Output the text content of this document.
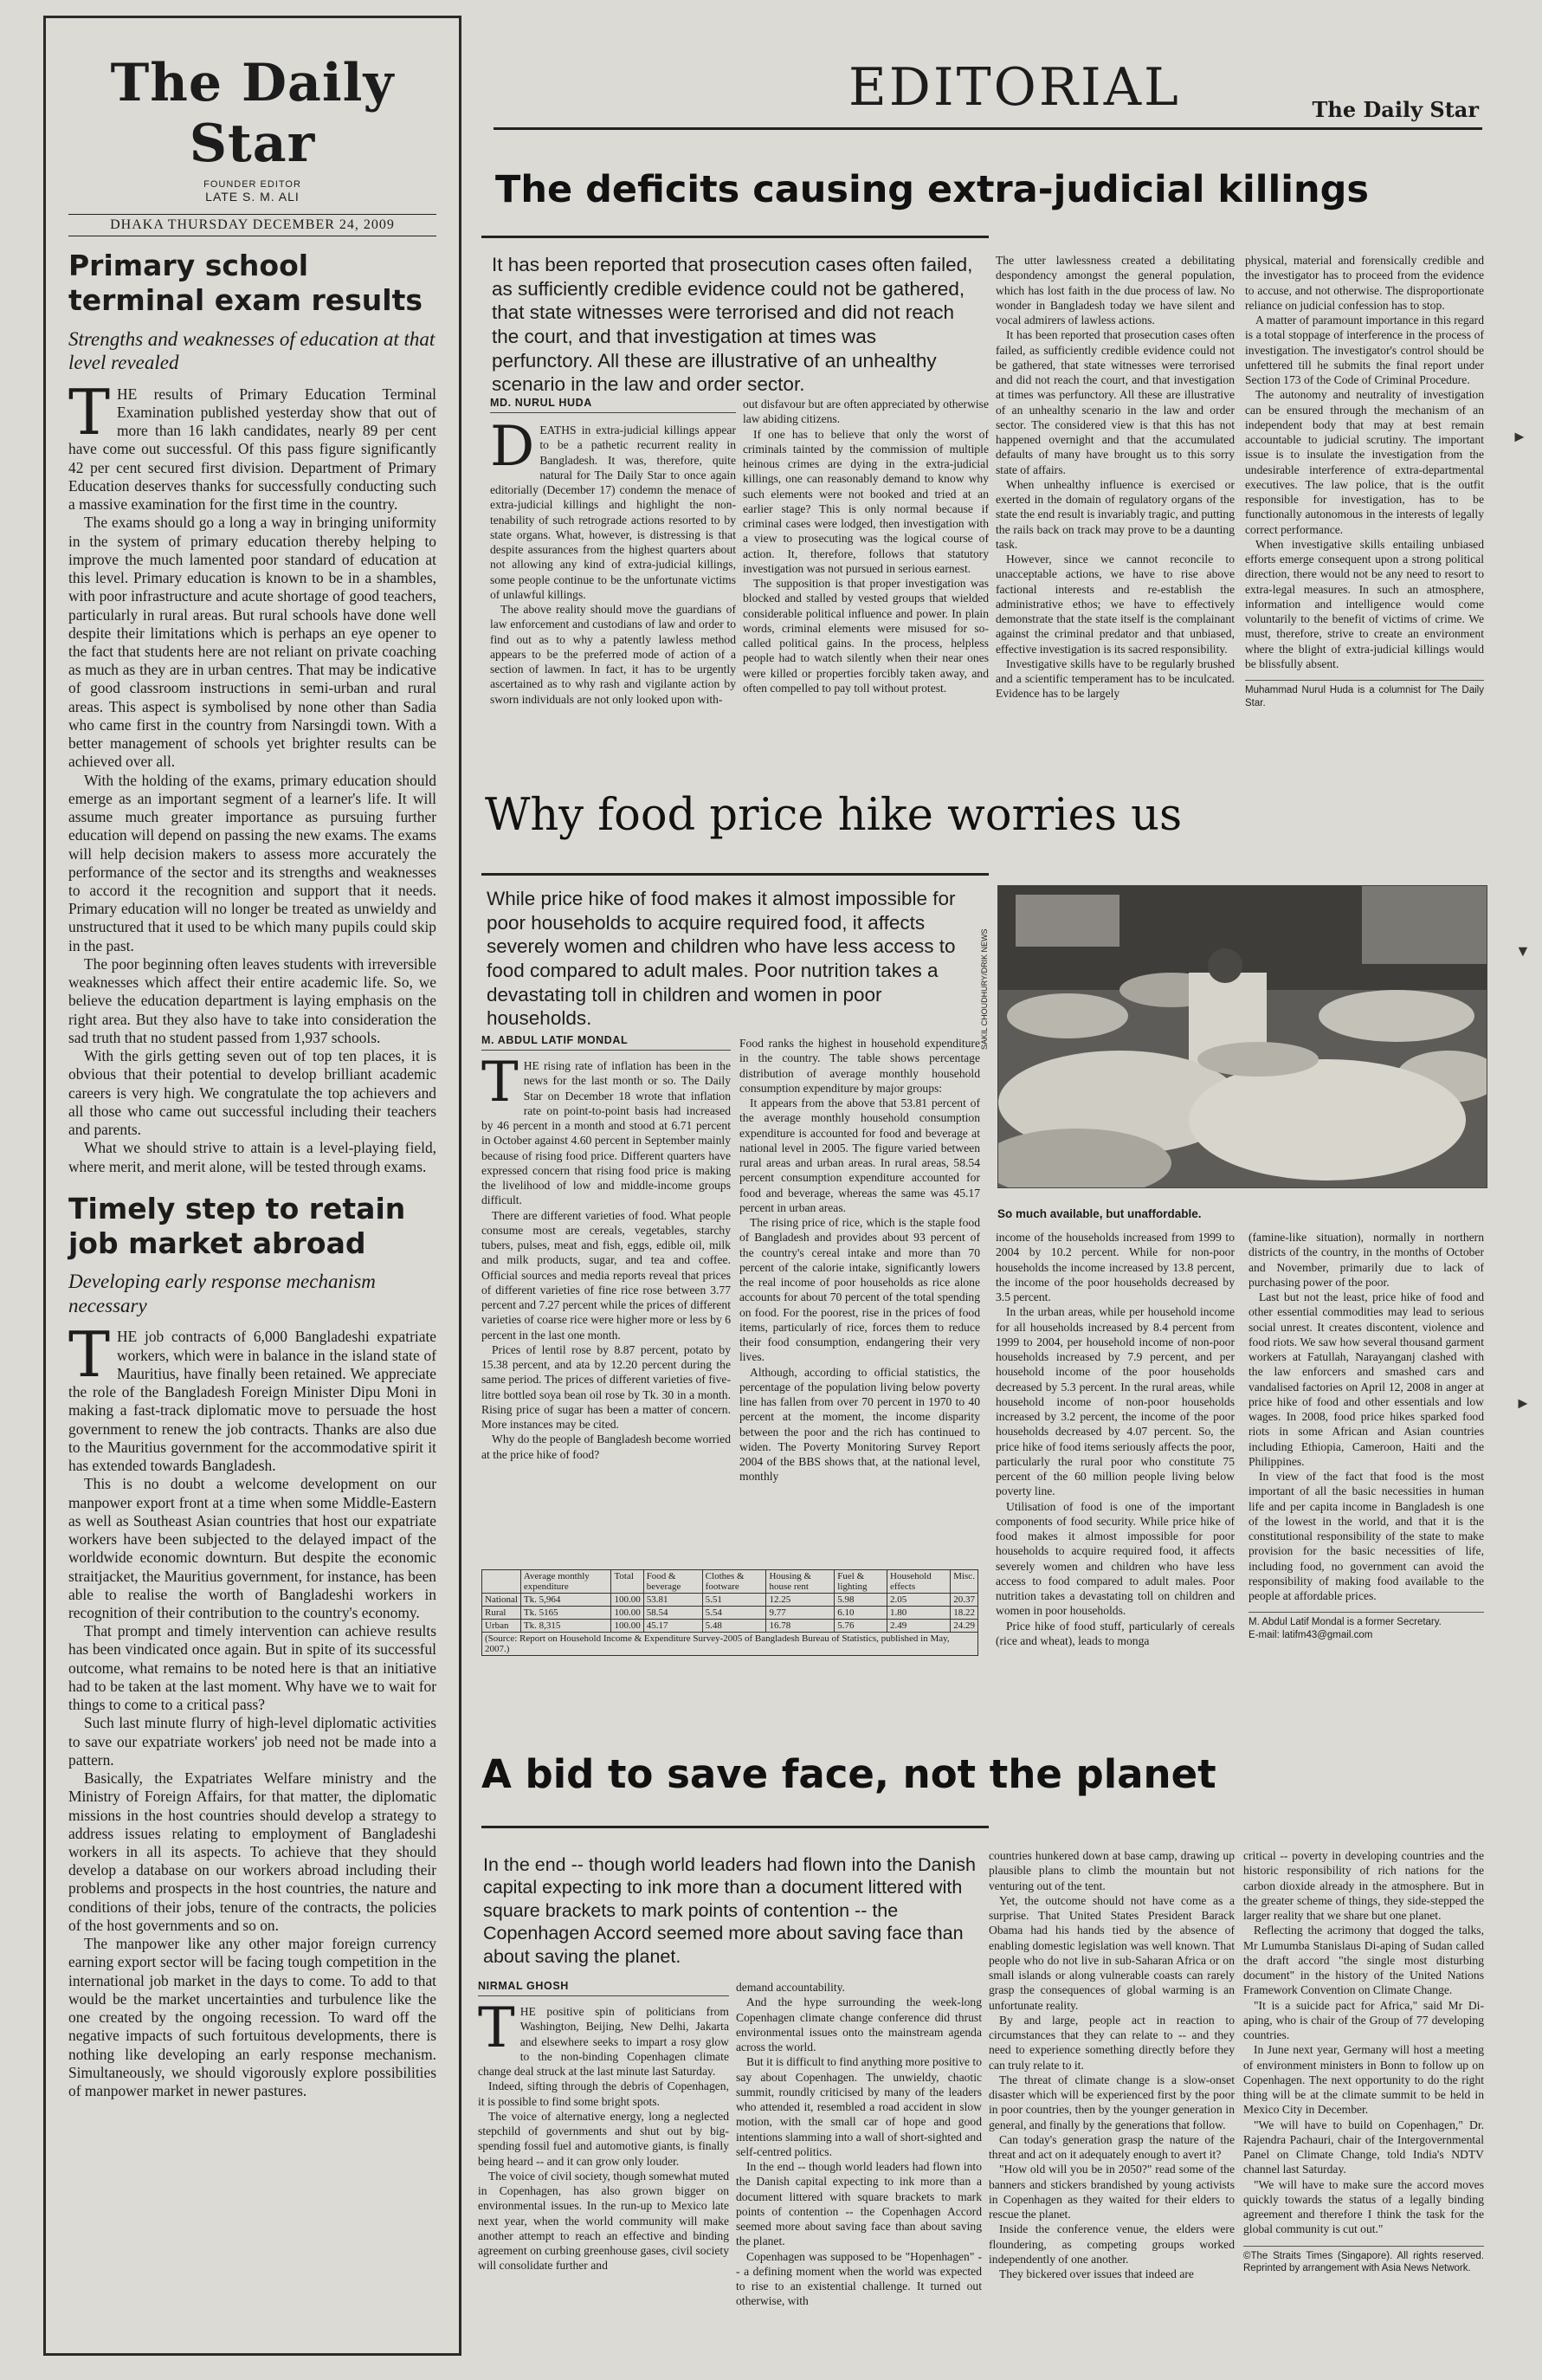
The Daily Star
FOUNDER EDITOR
LATE S. M. ALI
DHAKA THURSDAY DECEMBER 24, 2009
Primary school terminal exam results
Strengths and weaknesses of education at that level revealed

THE results of Primary Education Terminal Examination published yesterday show that out of more than 16 lakh candidates, nearly 89 per cent have come out successful. Of this pass figure significantly 42 per cent secured first division. Department of Primary Education deserves thanks for successfully conducting such a massive examination for the first time in the country.

The exams should go a long a way in bringing uniformity in the system of primary education thereby helping to improve the much lamented poor standard of education at this level. Primary education is known to be in a shambles, with poor infrastructure and acute shortage of good teachers, particularly in rural areas. But rural schools have done well despite their limitations which is perhaps an eye opener to the fact that students here are not reliant on private coaching as much as they are in urban centres. That may be indicative of good classroom instructions in semi-urban and rural areas. This aspect is symbolised by none other than Sadia who came first in the country from Narsingdi town. With a better management of schools yet brighter results can be achieved over all.

With the holding of the exams, primary education should emerge as an important segment of a learner's life. It will assume much greater importance as pursuing further education will depend on passing the new exams. The exams will help decision makers to assess more accurately the performance of the sector and its strengths and weaknesses to accord it the recognition and support that it needs. Primary education will no longer be treated as unwieldy and unstructured that it used to be which many pupils could skip in the past.

The poor beginning often leaves students with irreversible weaknesses which affect their entire academic life. So, we believe the education department is laying emphasis on the right area. But they also have to take into consideration the sad truth that no student passed from 1,937 schools.

With the girls getting seven out of top ten places, it is obvious that their potential to develop brilliant academic careers is very high. We congratulate the top achievers and all those who came out successful including their teachers and parents.

What we should strive to attain is a level-playing field, where merit, and merit alone, will be tested through exams.

Timely step to retain job market abroad
Developing early response mechanism necessary

THE job contracts of 6,000 Bangladeshi expatriate workers, which were in balance in the island state of Mauritius, have finally been retained. We appreciate the role of the Bangladesh Foreign Minister Dipu Moni in making a fast-track diplomatic move to persuade the host government to renew the job contracts. Thanks are also due to the Mauritius government for the accommodative spirit it has extended towards Bangladesh.

This is no doubt a welcome development on our manpower export front at a time when some Middle-Eastern as well as Southeast Asian countries that host our expatriate workers have been subjected to the delayed impact of the worldwide economic downturn. But despite the economic straitjacket, the Mauritius government, for instance, has been able to realise the worth of Bangladeshi workers in recognition of their contribution to the country's economy.

That prompt and timely intervention can achieve results has been vindicated once again. But in spite of its successful outcome, what remains to be noted here is that an initiative had to be taken at the last moment. Why have we to wait for things to come to a critical pass?

Such last minute flurry of high-level diplomatic activities to save our expatriate workers' job need not be made into a pattern.

Basically, the Expatriates Welfare ministry and the Ministry of Foreign Affairs, for that matter, the diplomatic missions in the host countries should develop a strategy to address issues relating to employment of Bangladeshi workers in all its aspects. To achieve that they should develop a database on our workers abroad including their problems and prospects in the host countries, the nature and conditions of their jobs, tenure of the contracts, the policies of the host governments and so on.

The manpower like any other major foreign currency earning export sector will be facing tough competition in the international job market in the days to come. To add to that would be the market uncertainties and turbulence like the one created by the ongoing recession. To ward off the negative impacts of such fortuitous developments, there is nothing like developing an early response mechanism. Simultaneously, we should vigorously explore possibilities of manpower market in newer pastures.

EDITORIAL	The Daily Star
The deficits causing extra-judicial killings
It has been reported that prosecution cases often failed, as sufficiently credible evidence could not be gathered, that state witnesses were terrorised and did not reach the court, and that investigation at times was perfunctory. All these are illustrative of an unhealthy scenario in the law and order sector.
MD. NURUL HUDA

DEATHS in extra-judicial killings appear to be a pathetic recurrent reality in Bangladesh. It was, therefore, quite natural for The Daily Star to once again editorially (December 17) condemn the menace of extra-judicial killings and highlight the non-tenability of such retrograde actions resorted to by state organs. What, however, is distressing is that despite assurances from the highest quarters about not allowing any kind of extra-judicial killings, some people continue to be the unfortunate victims of unlawful killings.

The above reality should move the guardians of law enforcement and custodians of law and order to find out as to why a patently lawless method appears to be the preferred mode of action of a section of lawmen. In fact, it has to be urgently ascertained as to why rash and vigilante action by sworn individuals are not only looked upon with-

out disfavour but are often appreciated by otherwise law abiding citizens.

If one has to believe that only the worst of criminals tainted by the commission of multiple heinous crimes are dying in the extra-judicial killings, one can reasonably demand to know why such elements were not booked and tried at an earlier stage? This is only normal because if criminal cases were lodged, then investigation with a view to prosecuting was the logical course of action. It, therefore, follows that statutory investigation was not pursued in serious earnest.

The supposition is that proper investigation was blocked and stalled by vested groups that wielded considerable political influence and power. In plain words, criminal elements were misused for so-called political gains. In the process, helpless people had to watch silently when their near ones were killed or properties forcibly taken away, and often compelled to pay toll without protest.

The utter lawlessness created a debilitating despondency amongst the general population, which has lost faith in the due process of law. No wonder in Bangladesh today we have silent and vocal admirers of lawless actions.

It has been reported that prosecution cases often failed, as sufficiently credible evidence could not be gathered, that state witnesses were terrorised and did not reach the court, and that investigation at times was perfunctory. All these are illustrative of an unhealthy scenario in the law and order sector. The considered view is that this has not happened overnight and that the accumulated defaults of many have brought us to this sorry state of affairs.

When unhealthy influence is exercised or exerted in the domain of regulatory organs of the state the end result is invariably tragic, and putting the rails back on track may prove to be a daunting task.

However, since we cannot reconcile to unacceptable actions, we have to rise above factional interests and re-establish the administrative ethos; we have to effectively demonstrate that the state itself is the complainant against the criminal predator and that unbiased, effective investigation is its sacred responsibility.

Investigative skills have to be regularly brushed and a scientific temperament has to be inculcated. Evidence has to be largely

physical, material and forensically credible and the investigator has to proceed from the evidence to accuse, and not otherwise. The disproportionate reliance on judicial confession has to stop.

A matter of paramount importance in this regard is a total stoppage of interference in the process of investigation. The investigator's control should be unfettered till he submits the final report under Section 173 of the Code of Criminal Procedure.

The autonomy and neutrality of investigation can be ensured through the mechanism of an independent body that may at best remain accountable to judicial scrutiny. The important issue is to insulate the investigation from the undesirable interference of extra-departmental executives. The law police, that is the outfit responsible for investigation, has to be functionally autonomous in the interests of legally correct performance.

When investigative skills entailing unbiased efforts emerge consequent upon a strong political direction, there would not be any need to resort to extra-legal measures. In such an atmosphere, information and intelligence would come voluntarily to the benefit of victims of crime. We must, therefore, strive to create an environment where the blight of extra-judicial killings would be blissfully absent.

Muhammad Nurul Huda is a columnist for The Daily Star.
Why food price hike worries us
While price hike of food makes it almost impossible for poor households to acquire required food, it affects severely women and children who have less access to food compared to adult males. Poor nutrition takes a devastating toll in children and women in poor households.
M. ABDUL LATIF MONDAL

THE rising rate of inflation has been in the news for the last month or so. The Daily Star on December 18 wrote that inflation rate on point-to-point basis had increased by 46 percent in a month and stood at 6.71 percent in October against 4.60 percent in September mainly because of rising food price. Different quarters have expressed concern that rising food price is making the livelihood of low and middle-income groups difficult.

There are different varieties of food. What people consume most are cereals, vegetables, starchy tubers, pulses, meat and fish, eggs, edible oil, milk and milk products, sugar, and tea and coffee. Official sources and media reports reveal that prices of different varieties of fine rice rose between 3.77 percent and 7.27 percent while the prices of different varieties of coarse rice were higher more or less by 6 percent in the last one month.

Prices of lentil rose by 8.87 percent, potato by 15.38 percent, and ata by 12.20 percent during the same period. The prices of different varieties of five-litre bottled soya bean oil rose by Tk. 30 in a month. Rising price of sugar has been a matter of concern. More instances may be cited.

Why do the people of Bangladesh become worried at the price hike of food?

Food ranks the highest in household expenditure in the country. The table shows percentage distribution of average monthly household consumption expenditure by major groups:

It appears from the above that 53.81 percent of the average monthly household consumption expenditure is accounted for food and beverage at national level in 2005. The figure varied between rural areas and urban areas. In rural areas, 58.54 percent consumption expenditure accounted for food and beverage, whereas the same was 45.17 percent in urban areas.

The rising price of rice, which is the staple food of Bangladesh and provides about 93 percent of the country's cereal intake and more than 70 percent of the calorie intake, significantly lowers the real income of poor households as rice alone accounts for about 70 percent of the total spending on food. For the poorest, rise in the prices of food items, particularly of rice, forces them to reduce their food consumption, endangering their very lives.

Although, according to official statistics, the percentage of the population living below poverty line has fallen from over 70 percent in 1970 to 40 percent at the moment, the income disparity between the poor and the rich has continued to widen. The Poverty Monitoring Survey Report 2004 of the BBS shows that, at the national level, monthly

SAKIL CHOUDHURY/DRIK NEWS
So much available, but unaffordable.

income of the households increased from 1999 to 2004 by 10.2 percent. While for non-poor households the income increased by 13.8 percent, the income of the poor households decreased by 3.5 percent.

In the urban areas, while per household income for all households increased by 8.4 percent from 1999 to 2004, per household income of non-poor households increased by 7.9 percent, and per household income of the poor households decreased by 5.3 percent. In the rural areas, while household income of non-poor households increased by 3.2 percent, the income of the poor households decreased by 4.07 percent. So, the price hike of food items seriously affects the poor, particularly the rural poor who constitute 75 percent of the 60 million people living below poverty line.

Utilisation of food is one of the important components of food security. While price hike of food makes it almost impossible for poor households to acquire required food, it affects severely women and children who have less access to food compared to adult males. Poor nutrition takes a devastating toll on children and women in poor households.

Price hike of food stuff, particularly of cereals (rice and wheat), leads to monga

(famine-like situation), normally in northern districts of the country, in the months of October and November, primarily due to lack of purchasing power of the poor.

Last but not the least, price hike of food and other essential commodities may lead to serious social unrest. It creates discontent, violence and food riots. We saw how several thousand garment workers at Fatullah, Narayanganj clashed with the law enforcers and smashed cars and vandalised factories on April 12, 2008 in anger at price hike of food and other essentials and low wages. In 2008, food price hikes sparked food riots in some African and Asian countries including Ethiopia, Cameroon, Haiti and the Philippines.

In view of the fact that food is the most important of all the basic necessities in human life and per capita income in Bangladesh is one of the lowest in the world, and that it is the constitutional responsibility of the state to make provision for the basic necessities of life, including food, no government can avoid the responsibility of making food available to the people at affordable prices.

M. Abdul Latif Mondal is a former Secretary.
E-mail: latifm43@gmail.com
	Average monthly expenditure	Total	Food & beverage	Clothes & footware	Housing & house rent	Fuel & lighting	Household effects	Misc.
National	Tk. 5,964	100.00	53.81	5.51	12.25	5.98	2.05	20.37
Rural	Tk. 5165	100.00	58.54	5.54	9.77	6.10	1.80	18.22
Urban	Tk. 8,315	100.00	45.17	5.48	16.78	5.76	2.49	24.29
(Source: Report on Household Income & Expenditure Survey-2005 of Bangladesh Bureau of Statistics, published in May, 2007.)								
A bid to save face, not the planet
In the end -- though world leaders had flown into the Danish capital expecting to ink more than a document littered with square brackets to mark points of contention -- the Copenhagen Accord seemed more about saving face than about saving the planet.
NIRMAL GHOSH

THE positive spin of politicians from Washington, Beijing, New Delhi, Jakarta and elsewhere seeks to impart a rosy glow to the non-binding Copenhagen climate change deal struck at the last minute last Saturday.

Indeed, sifting through the debris of Copenhagen, it is possible to find some bright spots.

The voice of alternative energy, long a neglected stepchild of governments and shut out by big-spending fossil fuel and automotive giants, is finally being heard -- and it can grow only louder.

The voice of civil society, though somewhat muted in Copenhagen, has also grown bigger on environmental issues. In the run-up to Mexico late next year, when the world community will make another attempt to reach an effective and binding agreement on curbing greenhouse gases, civil society will consolidate further and

demand accountability.

And the hype surrounding the week-long Copenhagen climate change conference did thrust environmental issues onto the mainstream agenda across the world.

But it is difficult to find anything more positive to say about Copenhagen. The unwieldy, chaotic summit, roundly criticised by many of the leaders who attended it, resembled a road accident in slow motion, with the small car of hope and good intentions slamming into a wall of short-sighted and self-centred politics.

In the end -- though world leaders had flown into the Danish capital expecting to ink more than a document littered with square brackets to mark points of contention -- the Copenhagen Accord seemed more about saving face than about saving the planet.

Copenhagen was supposed to be "Hopenhagen" -- a defining moment when the world was expected to rise to an existential challenge. It turned out otherwise, with

countries hunkered down at base camp, drawing up plausible plans to climb the mountain but not venturing out of the tent.

Yet, the outcome should not have come as a surprise. That United States President Barack Obama had his hands tied by the absence of enabling domestic legislation was well known. That people who do not live in sub-Saharan Africa or on small islands or along vulnerable coasts can rarely grasp the consequences of global warming is an unfortunate reality.

By and large, people act in reaction to circumstances that they can relate to -- and they need to experience something directly before they can truly relate to it.

The threat of climate change is a slow-onset disaster which will be experienced first by the poor in poor countries, then by the younger generation in general, and finally by the generations that follow.

Can today's generation grasp the nature of the threat and act on it adequately enough to avert it?

"How old will you be in 2050?" read some of the banners and stickers brandished by young activists in Copenhagen as they waited for their elders to rescue the planet.

Inside the conference venue, the elders were floundering, as competing groups worked independently of one another.

They bickered over issues that indeed are

critical -- poverty in developing countries and the historic responsibility of rich nations for the carbon dioxide already in the atmosphere. But in the greater scheme of things, they side-stepped the larger reality that we share but one planet.

Reflecting the acrimony that dogged the talks, Mr Lumumba Stanislaus Di-aping of Sudan called the draft accord "the single most disturbing document" in the history of the United Nations Framework Convention on Climate Change.

"It is a suicide pact for Africa," said Mr Di-aping, who is chair of the Group of 77 developing countries.

In June next year, Germany will host a meeting of environment ministers in Bonn to follow up on Copenhagen. The next opportunity to do the right thing will be at the climate summit to be held in Mexico City in December.

"We will have to build on Copenhagen," Dr. Rajendra Pachauri, chair of the Intergovernmental Panel on Climate Change, told India's NDTV channel last Saturday.

"We will have to make sure the accord moves quickly towards the status of a legally binding agreement and therefore I think the task for the global community is cut out."

©The Straits Times (Singapore). All rights reserved. Reprinted by arrangement with Asia News Network.
►
▼
►
